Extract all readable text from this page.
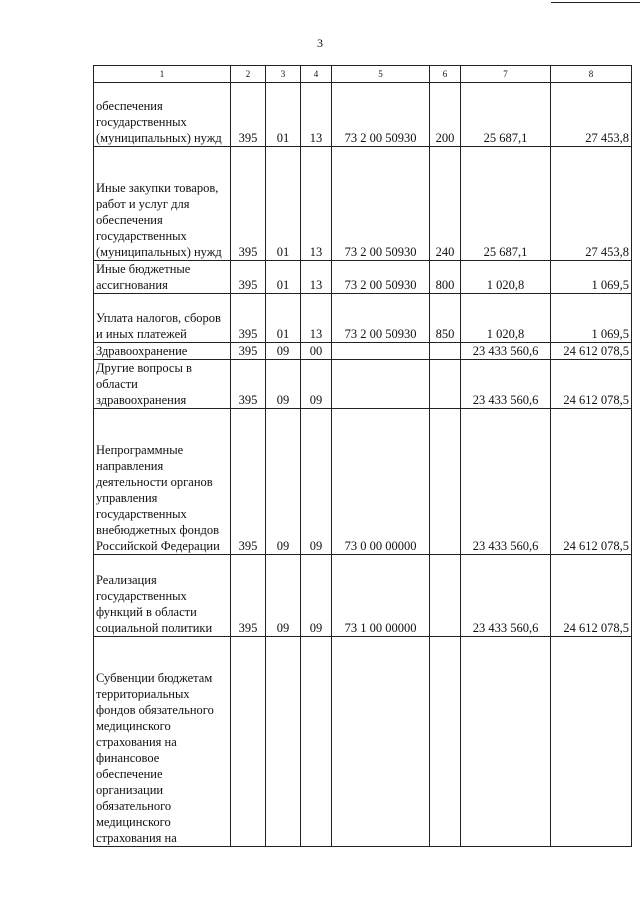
3
1	2	3	4	5	6	7	8
обеспечения государственных (муниципальных) нужд	395	01	13	73 2 00 50930	200	25 687,1	27 453,8
Иные закупки товаров, работ и услуг для обеспечения государственных (муниципальных) нужд	395	01	13	73 2 00 50930	240	25 687,1	27 453,8
Иные бюджетные ассигнования	395	01	13	73 2 00 50930	800	1 020,8	1 069,5
Уплата налогов, сборов и иных платежей	395	01	13	73 2 00 50930	850	1 020,8	1 069,5
Здравоохранение	395	09	00			23 433 560,6	24 612 078,5
Другие вопросы в области здравоохранения	395	09	09			23 433 560,6	24 612 078,5
Непрограммные направления деятельности органов управления государственных внебюджетных фондов Российской Федерации	395	09	09	73 0 00 00000		23 433 560,6	24 612 078,5
Реализация государственных функций в области социальной политики	395	09	09	73 1 00 00000		23 433 560,6	24 612 078,5
Субвенции бюджетам территориальных фондов обязательного медицинского страхования на финансовое обеспечение организации обязательного медицинского страхования на							
